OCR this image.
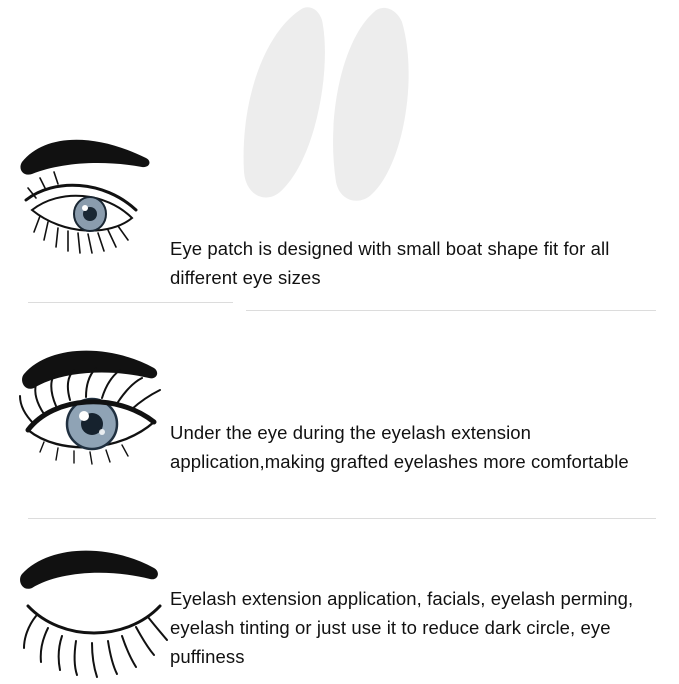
Eye patch is designed with small boat shape fit for all different eye sizes
Under the eye during the eyelash extension application,making grafted eyelashes more comfortable
Eyelash extension application, facials, eyelash perming, eyelash tinting or just use it to reduce dark circle, eye puffiness
